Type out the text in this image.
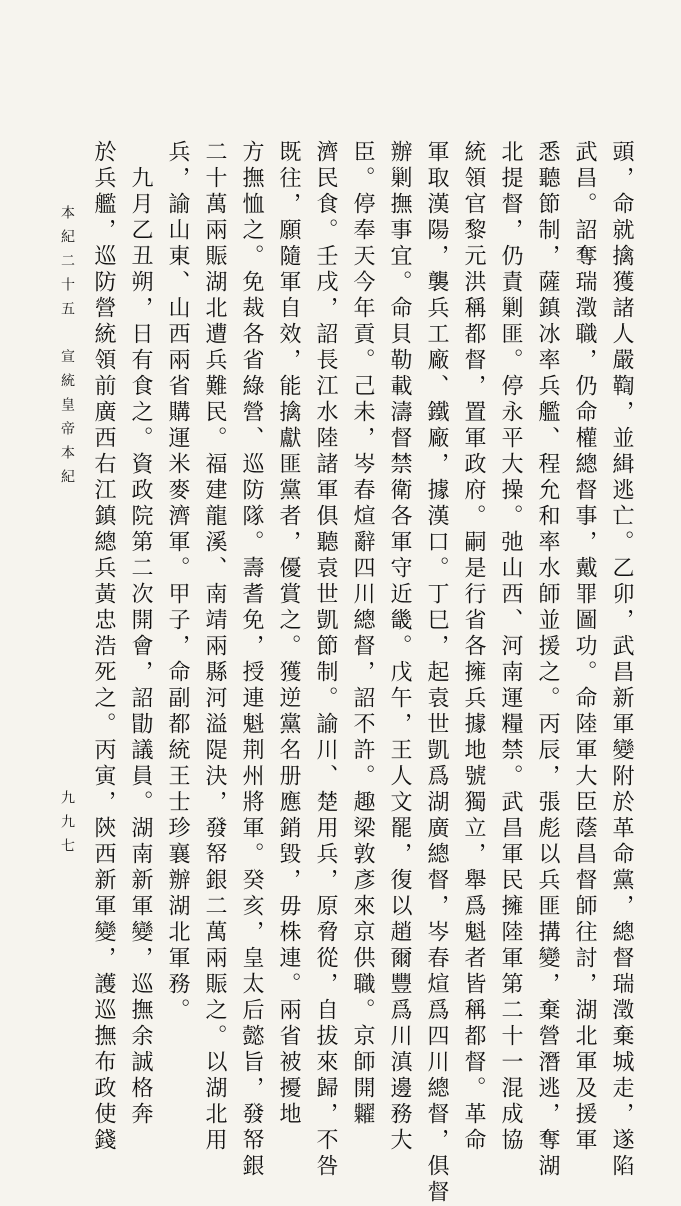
本紀二十五　宣統皇帝本紀
九九七	頭，命就擒獲諸人嚴鞫，並緝逃亡。乙卯，武昌新軍變附於革命黨，總督瑞澂棄城走，遂陷
武昌。詔奪瑞澂職，仍命權總督事，戴罪圖功。命陸軍大臣蔭昌督師往討，湖北軍及援軍
悉聽節制，薩鎮冰率兵艦、程允和率水師並援之。丙辰，張彪以兵匪搆變，棄營潛逃，奪湖
北提督，仍責剿匪。停永平大操。弛山西、河南運糧禁。武昌軍民擁陸軍第二十一混成協
統領官黎元洪稱都督，置軍政府。嗣是行省各擁兵據地號獨立，舉爲魁者皆稱都督。革命
軍取漢陽，襲兵工廠、鐵廠，據漢口。丁巳，起袁世凱爲湖廣總督，岑春煊爲四川總督，俱督
辦剿撫事宜。命貝勒載濤督禁衛各軍守近畿。戊午，王人文罷，復以趙爾豐爲川滇邊務大
臣。停奉天今年貢。己未，岑春煊辭四川總督，詔不許。趣梁敦彥來京供職。京師開糶
濟民食。壬戌，詔長江水陸諸軍俱聽袁世凱節制。諭川、楚用兵，原脅從，自拔來歸，不咎
既往，願隨軍自效，能擒獻匪黨者，優賞之。獲逆黨名册應銷毀，毋株連。兩省被擾地
方撫恤之。免裁各省綠營、巡防隊。壽耆免，授連魁荆州將軍。癸亥，皇太后懿旨，發帑銀
二十萬兩賑湖北遭兵難民。福建龍溪、南靖兩縣河溢隄決，發帑銀二萬兩賑之。以湖北用
兵，諭山東、山西兩省購運米麥濟軍。甲子，命副都統王士珍襄辦湖北軍務。
九月乙丑朔，日有食之。資政院第二次開會，詔勖議員。湖南新軍變，巡撫余誠格奔
於兵艦，巡防營統領前廣西右江鎮總兵黃忠浩死之。丙寅，陝西新軍變，護巡撫布政使錢
